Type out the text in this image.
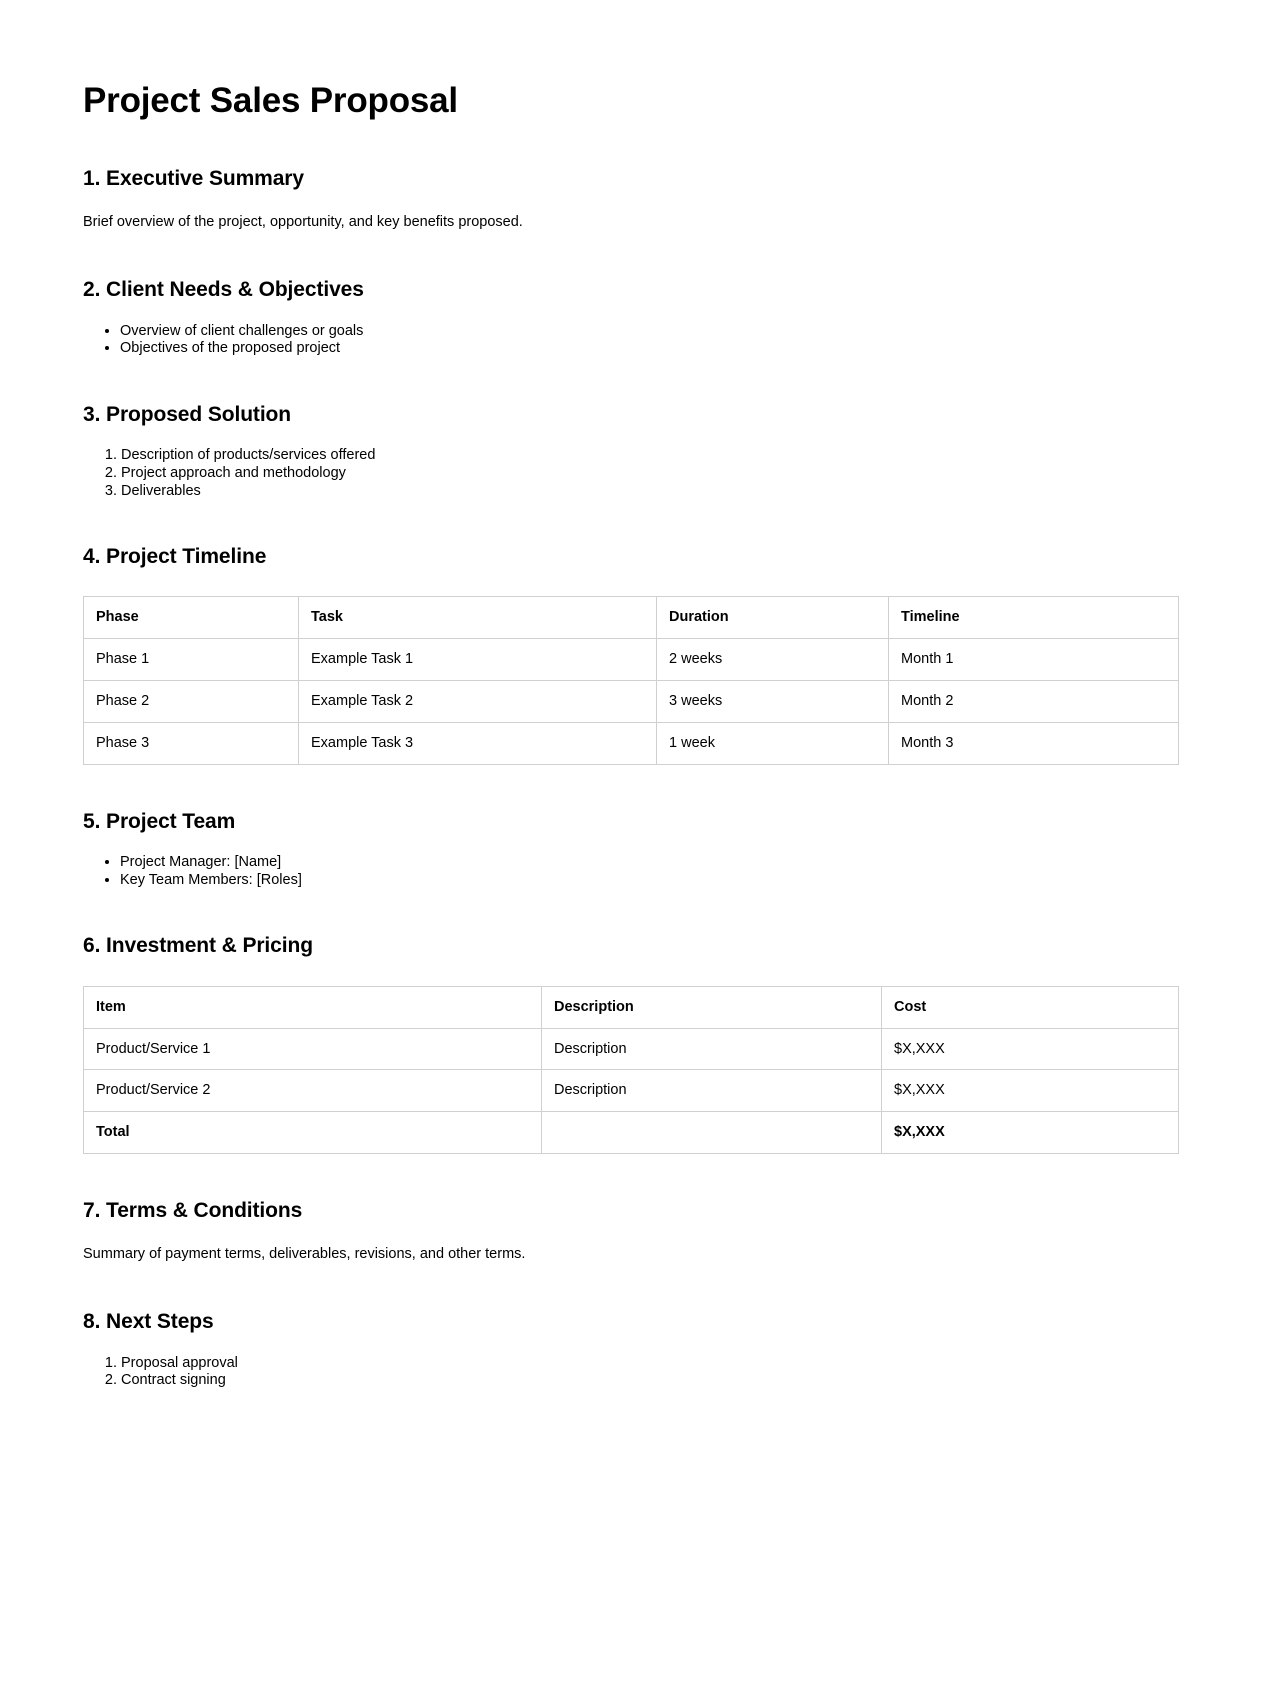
Project Sales Proposal
1. Executive Summary

Brief overview of the project, opportunity, and key benefits proposed.

2. Client Needs & Objectives
• Overview of client challenges or goals
• Objectives of the proposed project
3. Proposed Solution
1. Description of products/services offered
2. Project approach and methodology
3. Deliverables
4. Project Timeline
Phase	Task	Duration	Timeline
Phase 1	Example Task 1	2 weeks	Month 1
Phase 2	Example Task 2	3 weeks	Month 2
Phase 3	Example Task 3	1 week	Month 3
5. Project Team
• Project Manager: [Name]
• Key Team Members: [Roles]
6. Investment & Pricing
Item	Description	Cost
Product/Service 1	Description	$X,XXX
Product/Service 2	Description	$X,XXX
Total		$X,XXX
7. Terms & Conditions

Summary of payment terms, deliverables, revisions, and other terms.

8. Next Steps
1. Proposal approval
2. Contract signing
